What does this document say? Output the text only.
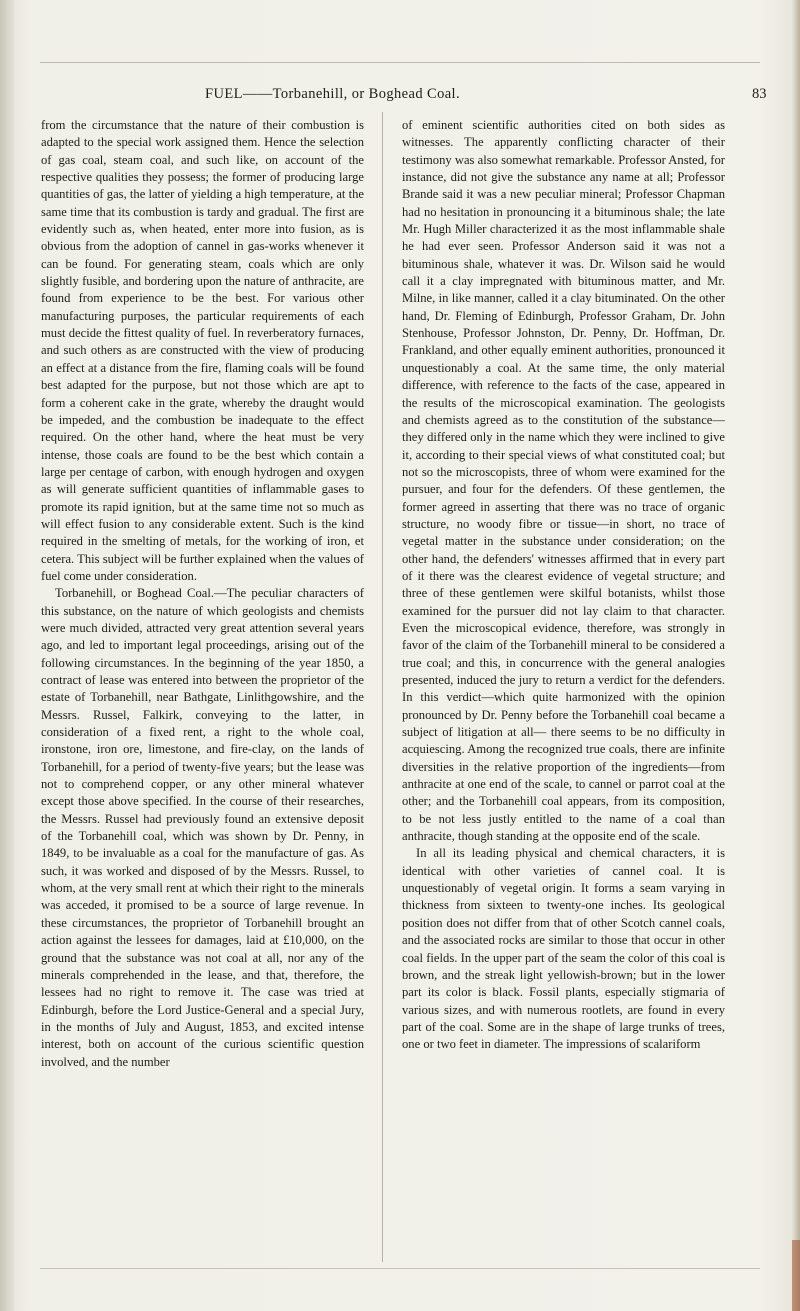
FUEL——Torbanehill, or Boghead Coal.	83

from the circumstance that the nature of their combustion is adapted to the special work assigned them. Hence the selection of gas coal, steam coal, and such like, on account of the respective qualities they possess; the former of producing large quantities of gas, the latter of yielding a high temperature, at the same time that its combustion is tardy and gradual. The first are evidently such as, when heated, enter more into fusion, as is obvious from the adoption of cannel in gas-works whenever it can be found. For generating steam, coals which are only slightly fusible, and bordering upon the nature of anthracite, are found from experience to be the best. For various other manufacturing purposes, the particular requirements of each must decide the fittest quality of fuel. In reverberatory furnaces, and such others as are constructed with the view of producing an effect at a distance from the fire, flaming coals will be found best adapted for the purpose, but not those which are apt to form a coherent cake in the grate, whereby the draught would be impeded, and the combustion be inadequate to the effect required. On the other hand, where the heat must be very intense, those coals are found to be the best which contain a large per centage of carbon, with enough hydrogen and oxygen as will generate sufficient quantities of inflammable gases to promote its rapid ignition, but at the same time not so much as will effect fusion to any considerable extent. Such is the kind required in the smelting of metals, for the working of iron, et cetera. This subject will be further explained when the values of fuel come under consideration.

Torbanehill, or Boghead Coal.—The peculiar characters of this substance, on the nature of which geologists and chemists were much divided, attracted very great attention several years ago, and led to important legal proceedings, arising out of the following circumstances. In the beginning of the year 1850, a contract of lease was entered into between the proprietor of the estate of Torbanehill, near Bathgate, Linlithgowshire, and the Messrs. Russel, Falkirk, conveying to the latter, in consideration of a fixed rent, a right to the whole coal, ironstone, iron ore, limestone, and fire-clay, on the lands of Torbanehill, for a period of twenty-five years; but the lease was not to comprehend copper, or any other mineral whatever except those above specified. In the course of their researches, the Messrs. Russel had previously found an extensive deposit of the Torbanehill coal, which was shown by Dr. Penny, in 1849, to be invaluable as a coal for the manufacture of gas. As such, it was worked and disposed of by the Messrs. Russel, to whom, at the very small rent at which their right to the minerals was acceded, it promised to be a source of large revenue. In these circumstances, the proprietor of Torbanehill brought an action against the lessees for damages, laid at £10,000, on the ground that the substance was not coal at all, nor any of the minerals comprehended in the lease, and that, therefore, the lessees had no right to remove it. The case was tried at Edinburgh, before the Lord Justice-General and a special Jury, in the months of July and August, 1853, and excited intense interest, both on account of the curious scientific question involved, and the number

of eminent scientific authorities cited on both sides as witnesses. The apparently conflicting character of their testimony was also somewhat remarkable. Professor Ansted, for instance, did not give the substance any name at all; Professor Brande said it was a new peculiar mineral; Professor Chapman had no hesitation in pronouncing it a bituminous shale; the late Mr. Hugh Miller characterized it as the most inflammable shale he had ever seen. Professor Anderson said it was not a bituminous shale, whatever it was. Dr. Wilson said he would call it a clay impregnated with bituminous matter, and Mr. Milne, in like manner, called it a clay bituminated. On the other hand, Dr. Fleming of Edinburgh, Professor Graham, Dr. John Stenhouse, Professor Johnston, Dr. Penny, Dr. Hoffman, Dr. Frankland, and other equally eminent authorities, pronounced it unquestionably a coal. At the same time, the only material difference, with reference to the facts of the case, appeared in the results of the microscopical examination. The geologists and chemists agreed as to the constitution of the substance—they differed only in the name which they were inclined to give it, according to their special views of what constituted coal; but not so the microscopists, three of whom were examined for the pursuer, and four for the defenders. Of these gentlemen, the former agreed in asserting that there was no trace of organic structure, no woody fibre or tissue—in short, no trace of vegetal matter in the substance under consideration; on the other hand, the defenders' witnesses affirmed that in every part of it there was the clearest evidence of vegetal structure; and three of these gentlemen were skilful botanists, whilst those examined for the pursuer did not lay claim to that character. Even the microscopical evidence, therefore, was strongly in favor of the claim of the Torbanehill mineral to be considered a true coal; and this, in concurrence with the general analogies presented, induced the jury to return a verdict for the defenders. In this verdict—which quite harmonized with the opinion pronounced by Dr. Penny before the Torbanehill coal became a subject of litigation at all— there seems to be no difficulty in acquiescing. Among the recognized true coals, there are infinite diversities in the relative proportion of the ingredients—from anthracite at one end of the scale, to cannel or parrot coal at the other; and the Torbanehill coal appears, from its composition, to be not less justly entitled to the name of a coal than anthracite, though standing at the opposite end of the scale.

In all its leading physical and chemical characters, it is identical with other varieties of cannel coal. It is unquestionably of vegetal origin. It forms a seam varying in thickness from sixteen to twenty-one inches. Its geological position does not differ from that of other Scotch cannel coals, and the associated rocks are similar to those that occur in other coal fields. In the upper part of the seam the color of this coal is brown, and the streak light yellowish-brown; but in the lower part its color is black. Fossil plants, especially stigmaria of various sizes, and with numerous rootlets, are found in every part of the coal. Some are in the shape of large trunks of trees, one or two feet in diameter. The impressions of scalariform
